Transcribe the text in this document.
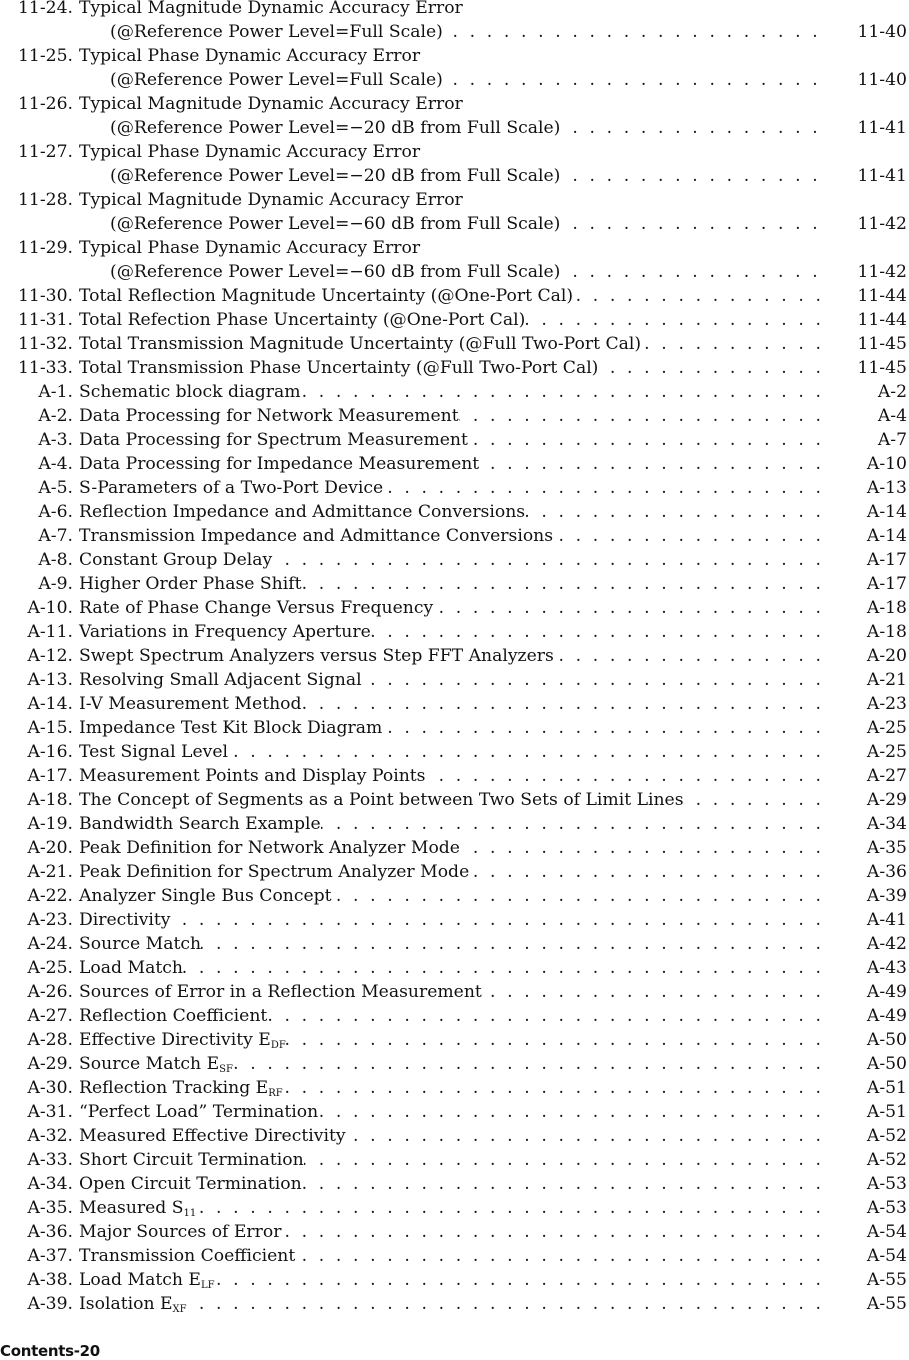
11-24. Typical Magnitude Dynamic Accuracy Error
(@Reference Power Level=Full Scale) . . .	11-40
11-25. Typical Phase Dynamic Accuracy Error
(@Reference Power Level=Full Scale) . . .	11-40
11-26. Typical Magnitude Dynamic Accuracy Error
(@Reference Power Level=−20 dB from Full Scale) . . .	11-41
11-27. Typical Phase Dynamic Accuracy Error
(@Reference Power Level=−20 dB from Full Scale) . . .	11-41
11-28. Typical Magnitude Dynamic Accuracy Error
(@Reference Power Level=−60 dB from Full Scale) . . .	11-42
11-29. Typical Phase Dynamic Accuracy Error
(@Reference Power Level=−60 dB from Full Scale) . . .	11-42
11-30. Total Reflection Magnitude Uncertainty (@One-Port Cal) . . .	11-44
11-31. Total Refection Phase Uncertainty (@One-Port Cal) . . .	11-44
11-32. Total Transmission Magnitude Uncertainty (@Full Two-Port Cal) . . .	11-45
11-33. Total Transmission Phase Uncertainty (@Full Two-Port Cal) . . .	11-45
A-1. Schematic block diagram . . .	A-2
A-2. Data Processing for Network Measurement . . .	A-4
A-3. Data Processing for Spectrum Measurement . . .	A-7
A-4. Data Processing for Impedance Measurement . . .	A-10
A-5. S-Parameters of a Two-Port Device . . .	A-13
A-6. Reflection Impedance and Admittance Conversions . . .	A-14
A-7. Transmission Impedance and Admittance Conversions . . .	A-14
A-8. Constant Group Delay . . .	A-17
A-9. Higher Order Phase Shift . . .	A-17
A-10. Rate of Phase Change Versus Frequency . . .	A-18
A-11. Variations in Frequency Aperture . . .	A-18
A-12. Swept Spectrum Analyzers versus Step FFT Analyzers . . .	A-20
A-13. Resolving Small Adjacent Signal . . .	A-21
A-14. I-V Measurement Method . . .	A-23
A-15. Impedance Test Kit Block Diagram . . .	A-25
A-16. Test Signal Level . . .	A-25
A-17. Measurement Points and Display Points . . .	A-27
A-18. The Concept of Segments as a Point between Two Sets of Limit Lines . . .	A-29
A-19. Bandwidth Search Example . . .	A-34
A-20. Peak Definition for Network Analyzer Mode . . .	A-35
A-21. Peak Definition for Spectrum Analyzer Mode . . .	A-36
A-22. Analyzer Single Bus Concept . . .	A-39
A-23. Directivity . . .	A-41
A-24. Source Match . . .	A-42
A-25. Load Match . . .	A-43
A-26. Sources of Error in a Reflection Measurement . . .	A-49
A-27. Reflection Coefficient . . .	A-49
A-28. Effective Directivity $E_{DF}$ . . .	A-50
A-29. Source Match $E_{SF}$ . . .	A-50
A-30. Reflection Tracking $E_{RF}$ . . .	A-51
A-31. “Perfect Load” Termination . . .	A-51
A-32. Measured Effective Directivity . . .	A-52
A-33. Short Circuit Termination . . .	A-52
A-34. Open Circuit Termination . . .	A-53
A-35. Measured $S_{11}$ . . .	A-53
A-36. Major Sources of Error . . .	A-54
A-37. Transmission Coefficient . . .	A-54
A-38. Load Match $E_{LF}$ . . .	A-55
A-39. Isolation $E_{XF}$ . . .	A-55
Contents-20
